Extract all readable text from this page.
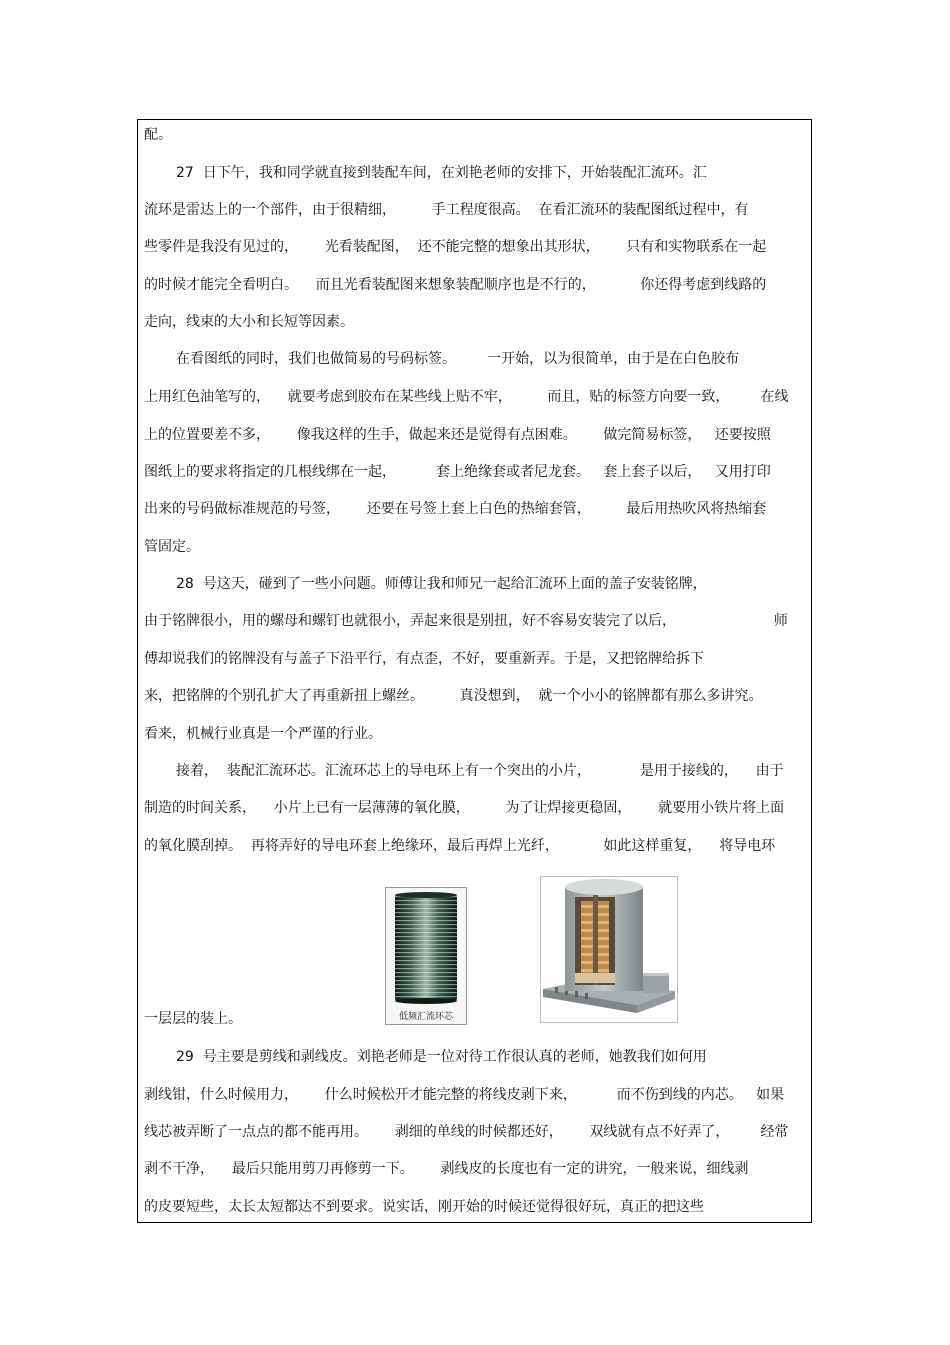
配。
27  日下午，我和同学就直接到装配车间，在刘艳老师的安排下，开始装配汇流环。汇
流环是雷达上的一个部件，由于很精细，        手工程度很高。  在看汇流环的装配图纸过程中，有
些零件是我没有见过的，      光看装配图，  还不能完整的想象出其形状，      只有和实物联系在一起
的时候才能完全看明白。    而且光看装配图来想象装配顺序也是不行的，          你还得考虑到线路的
走向，线束的大小和长短等因素。
在看图纸的同时，我们也做简易的号码标签。       一开始，以为很简单，由于是在白色胶布
上用红色油笔写的，    就要考虑到胶布在某些线上贴不牢，        而且，贴的标签方向要一致，       在线
上的位置要差不多，      像我这样的生手，做起来还是觉得有点困难。      做完简易标签，   还要按照
图纸上的要求将指定的几根线绑在一起，         套上绝缘套或者尼龙套。   套上套子以后，   又用打印
出来的号码做标准规范的号签，      还要在号签上套上白色的热缩套管，        最后用热吹风将热缩套
管固定。
28  号这天，碰到了一些小问题。师傅让我和师兄一起给汇流环上面的盖子安装铭牌，
由于铭牌很小，用的螺母和螺钉也就很小，弄起来很是别扭，好不容易安装完了以后，                      师
傅却说我们的铭牌没有与盖子下沿平行，有点歪，不好，要重新弄。于是，又把铭牌给拆下
来，把铭牌的个别孔扩大了再重新扭上螺丝。        真没想到，  就一个小小的铭牌都有那么多讲究。
看来，机械行业真是一个严谨的行业。
接着，  装配汇流环芯。汇流环芯上的导电环上有一个突出的小片，           是用于接线的，    由于
制造的时间关系，    小片上已有一层薄薄的氧化膜，        为了让焊接更稳固，      就要用小铁片将上面
的氧化膜刮掉。  再将弄好的导电环套上绝缘环，最后再焊上光纤，          如此这样重复，    将导电环
一层层的装上。
29  号主要是剪线和剥线皮。刘艳老师是一位对待工作很认真的老师，她教我们如何用
剥线钳，什么时候用力，      什么时候松开才能完整的将线皮剥下来，         而不伤到线的内芯。   如果
线芯被弄断了一点点的都不能再用。      剥细的单线的时候都还好，      双线就有点不好弄了，       经常
剥不干净，    最后只能用剪刀再修剪一下。      剥线皮的长度也有一定的讲究，一般来说，细线剥
的皮要短些，太长太短都达不到要求。说实话，刚开始的时候还觉得很好玩，真正的把这些
低频汇流环芯
